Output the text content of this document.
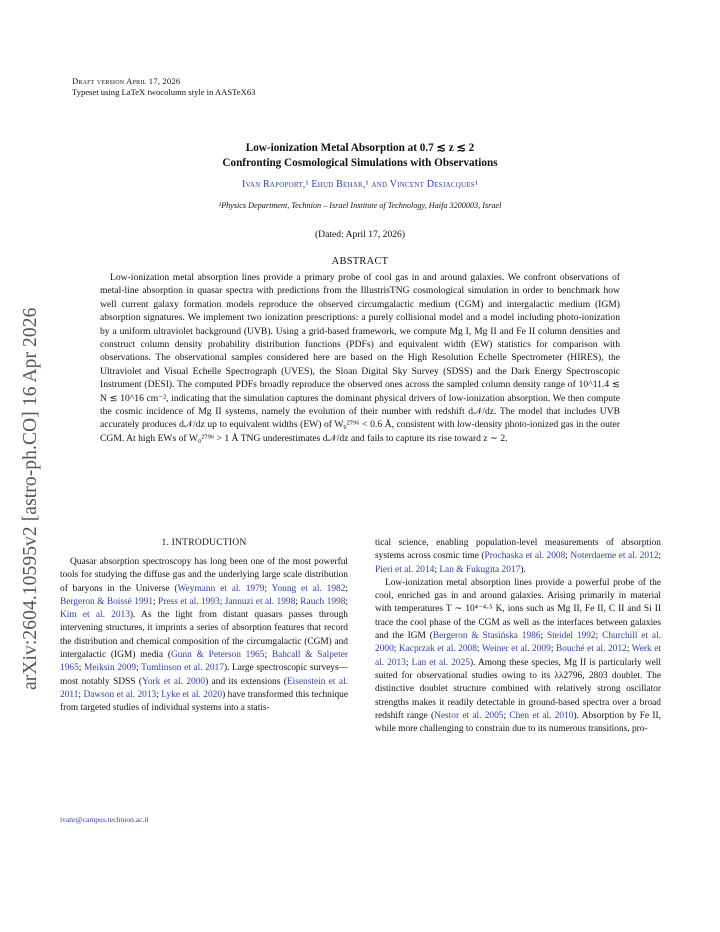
arXiv:2604.10595v2 [astro-ph.CO] 16 Apr 2026
Draft version April 17, 2026
Typeset using LaTeX twocolumn style in AASTeX63
Low-ionization Metal Absorption at 0.7 ≲ z ≲ 2
Confronting Cosmological Simulations with Observations
Ivan Rapoport,¹ Ehud Behar,¹ and Vincent Desjacques¹
¹Physics Department, Technion – Israel Institute of Technology, Haifa 3200003, Israel
(Dated: April 17, 2026)
ABSTRACT

Low-ionization metal absorption lines provide a primary probe of cool gas in and around galaxies. We confront observations of metal-line absorption in quasar spectra with predictions from the IllustrisTNG cosmological simulation in order to benchmark how well current galaxy formation models reproduce the observed circumgalactic medium (CGM) and intergalactic medium (IGM) absorption signatures. We implement two ionization prescriptions: a purely collisional model and a model including photo-ionization by a uniform ultraviolet background (UVB). Using a grid-based framework, we compute Mg I, Mg II and Fe II column densities and construct column density probability distribution functions (PDFs) and equivalent width (EW) statistics for comparison with observations. The observational samples considered here are based on the High Resolution Echelle Spectrometer (HIRES), the Ultraviolet and Visual Echelle Spectrograph (UVES), the Sloan Digital Sky Survey (SDSS) and the Dark Energy Spectroscopic Instrument (DESI). The computed PDFs broadly reproduce the observed ones across the sampled column density range of 10^11.4 ≲ N ≲ 10^16 cm⁻², indicating that the simulation captures the dominant physical drivers of low-ionization absorption. We then compute the cosmic incidence of Mg II systems, namely the evolution of their number with redshift d𝒩/dz. The model that includes UVB accurately produces d𝒩/dz up to equivalent widths (EW) of W₀²⁷⁹⁶ < 0.6 Å, consistent with low-density photo-ionized gas in the outer CGM. At high EWs of W₀²⁷⁹⁶ > 1 Å TNG underestimates d𝒩/dz and fails to capture its rise toward z ∼ 2.

1. INTRODUCTION

Quasar absorption spectroscopy has long been one of the most powerful tools for studying the diffuse gas and the underlying large scale distribution of baryons in the Universe (Weymann et al. 1979; Young et al. 1982; Bergeron & Boissé 1991; Press et al. 1993; Jannuzi et al. 1998; Rauch 1998; Kim et al. 2013). As the light from distant quasars passes through intervening structures, it imprints a series of absorption features that record the distribution and chemical composition of the circumgalactic (CGM) and intergalactic (IGM) media (Gunn & Peterson 1965; Bahcall & Salpeter 1965; Meiksin 2009; Tumlinson et al. 2017). Large spectroscopic surveys—most notably SDSS (York et al. 2000) and its extensions (Eisenstein et al. 2011; Dawson et al. 2013; Lyke et al. 2020) have transformed this technique from targeted studies of individual systems into a statis-

ivanr@campus.technion.ac.il

tical science, enabling population-level measurements of absorption systems across cosmic time (Prochaska et al. 2008; Noterdaeme et al. 2012; Pieri et al. 2014; Lan & Fukugita 2017).

Low-ionization metal absorption lines provide a powerful probe of the cool, enriched gas in and around galaxies. Arising primarily in material with temperatures T ∼ 10⁴⁻⁴·⁵ K, ions such as Mg II, Fe II, C II and Si II trace the cool phase of the CGM as well as the interfaces between galaxies and the IGM (Bergeron & Stasińska 1986; Steidel 1992; Churchill et al. 2000; Kacprzak et al. 2008; Weiner et al. 2009; Bouché et al. 2012; Werk et al. 2013; Lan et al. 2025). Among these species, Mg II is particularly well suited for observational studies owing to its λλ2796, 2803 doublet. The distinctive doublet structure combined with relatively strong oscillator strengths makes it readily detectable in ground-based spectra over a broad redshift range (Nestor et al. 2005; Chen et al. 2010). Absorption by Fe II, while more challenging to constrain due to its numerous transitions, pro-
